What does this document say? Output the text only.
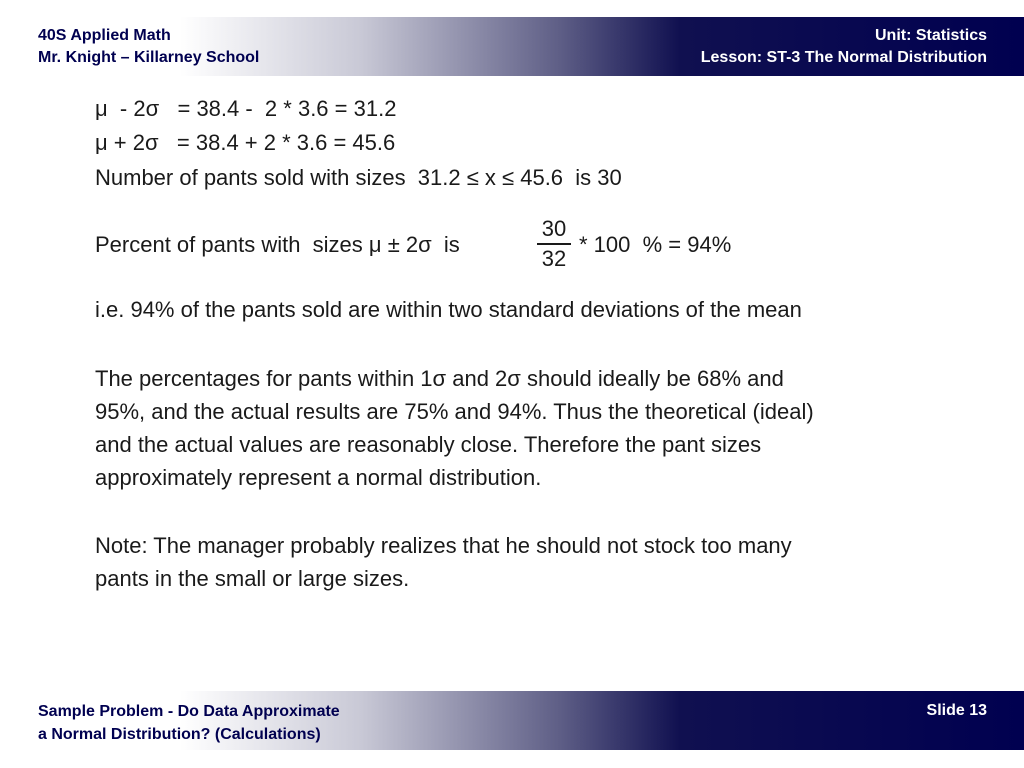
40S Applied Math
Mr. Knight – Killarney School
Unit: Statistics
Lesson: ST-3 The Normal Distribution
μ  - 2σ   = 38.4 -  2 * 3.6 = 31.2
μ + 2σ   = 38.4 + 2 * 3.6 = 45.6
Number of pants sold with sizes  31.2 ≤ x ≤ 45.6  is 30
Percent of pants with  sizes μ ± 2σ  is
30
32
* 100  % = 94%
i.e. 94% of the pants sold are within two standard deviations of the mean
The percentages for pants within 1σ and 2σ should ideally be 68% and
95%, and the actual results are 75% and 94%. Thus the theoretical (ideal)
and the actual values are reasonably close. Therefore the pant sizes
approximately represent a normal distribution.
Note: The manager probably realizes that he should not stock too many
pants in the small or large sizes.
Sample Problem - Do Data Approximate
a Normal Distribution? (Calculations)
Slide 13
